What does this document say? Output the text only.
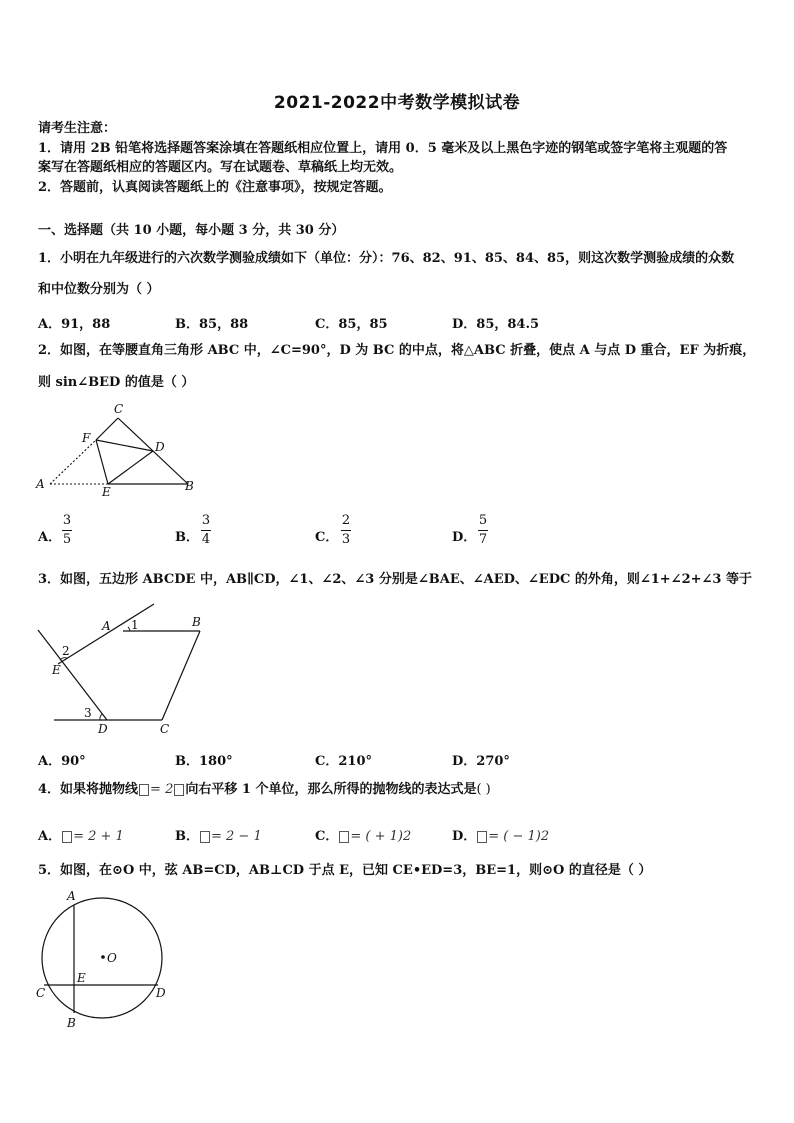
2021-2022中考数学模拟试卷
请考生注意：
1．请用 2B 铅笔将选择题答案涂填在答题纸相应位置上，请用 0．5 毫米及以上黑色字迹的钢笔或签字笔将主观题的答
案写在答题纸相应的答题区内。写在试题卷、草稿纸上均无效。
2．答题前，认真阅读答题纸上的《注意事项》，按规定答题。
一、选择题（共 10 小题，每小题 3 分，共 30 分）
1．小明在九年级进行的六次数学测验成绩如下（单位：分）：76、82、91、85、84、85，则这次数学测验成绩的众数
和中位数分别为（ ）
A．91，88	B．85，88	C．85，85	D．85，84.5
2．如图，在等腰直角三角形 ABC 中，∠C=90°，D 为 BC 的中点，将△ABC 折叠，使点 A 与点 D 重合，EF 为折痕，
则 sin∠BED 的值是（ ）
C
F
D
A
E	B
A．
3
5	B．
3
4	C．
2
3	D．
5
7
3．如图，五边形 ABCDE 中，AB∥CD，∠1、∠2、∠3 分别是∠BAE、∠AED、∠EDC 的外角，则∠1+∠2+∠3 等于
A 1	B
2
E
3
D	C
A．90°	B．180°	C．210°	D．270°
4．如果将抛物线 = 2 向右平移 1 个单位，那么所得的抛物线的表达式是( )
A． = 2 + 1	B． = 2 − 1	C． = ( + 1)2	D． = ( − 1)2
5．如图，在⊙O 中，弦 AB=CD，AB⊥CD 于点 E，已知 CE•ED=3，BE=1，则⊙O 的直径是（ ）
A
O
E
C	D
B
